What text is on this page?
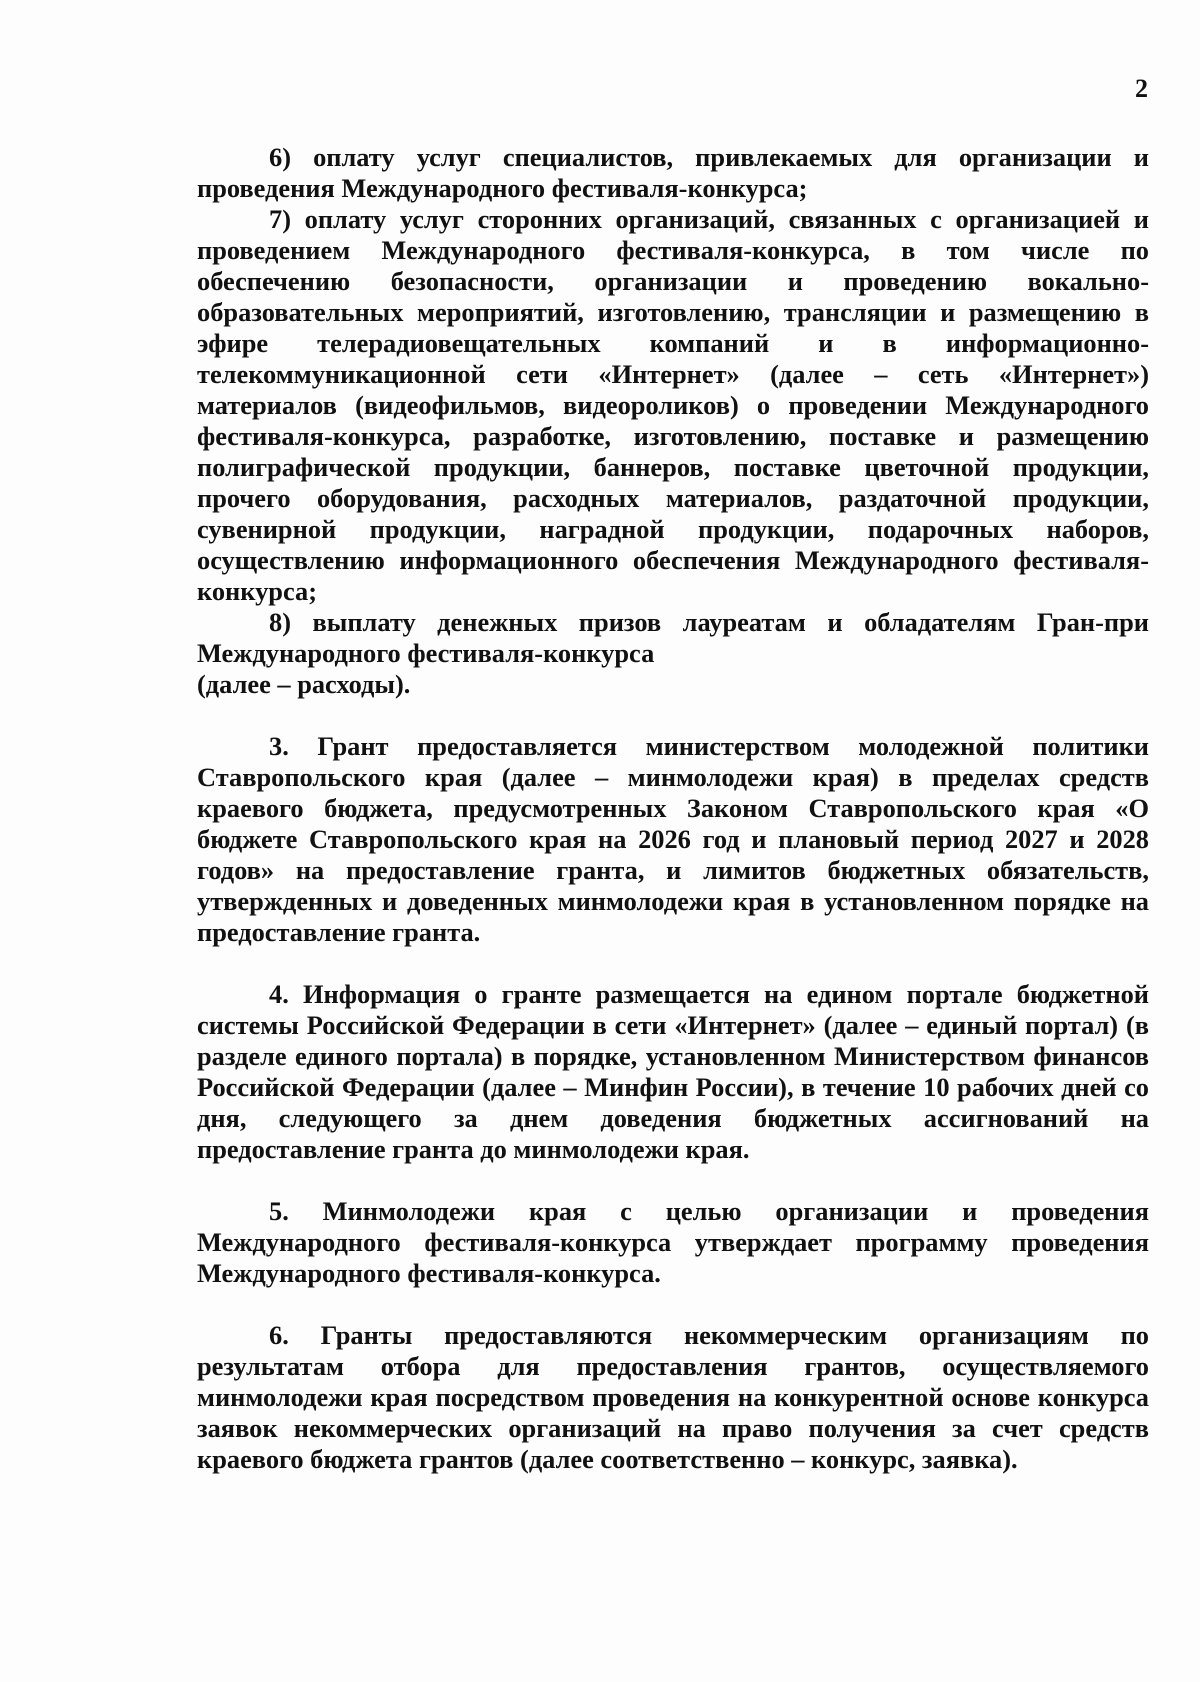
2

6) оплату услуг специалистов, привлекаемых для организации и проведения Международного фестиваля-конкурса;

7) оплату услуг сторонних организаций, связанных с организацией и проведением Международного фестиваля-конкурса, в том числе по обеспечению безопасности, организации и проведению вокально-образовательных мероприятий, изготовлению, трансляции и размещению в эфире телерадиовещательных компаний и в информационно-телекоммуникационной сети «Интернет» (далее – сеть «Интернет») материалов (видеофильмов, видеороликов) о проведении Международного фестиваля-конкурса, разработке, изготовлению, поставке и размещению полиграфической продукции, баннеров, поставке цветочной продукции, прочего оборудования, расходных материалов, раздаточной продукции, сувенирной продукции, наградной продукции, подарочных наборов, осуществлению информационного обеспечения Международного фестиваля-конкурса;

8) выплату денежных призов лауреатам и обладателям Гран-при Международного фестиваля-конкурса

(далее – расходы).

3. Грант предоставляется министерством молодежной политики Ставропольского края (далее – минмолодежи края) в пределах средств краевого бюджета, предусмотренных Законом Ставропольского края «О бюджете Ставропольского края на 2026 год и плановый период 2027 и 2028 годов» на предоставление гранта, и лимитов бюджетных обязательств, утвержденных и доведенных минмолодежи края в установленном порядке на предоставление гранта.

4. Информация о гранте размещается на едином портале бюджетной системы Российской Федерации в сети «Интернет» (далее – единый портал) (в разделе единого портала) в порядке, установленном Министерством финансов Российской Федерации (далее – Минфин России), в течение 10 рабочих дней со дня, следующего за днем доведения бюджетных ассигнований на предоставление гранта до минмолодежи края.

5. Минмолодежи края с целью организации и проведения Международного фестиваля-конкурса утверждает программу проведения Международного фестиваля-конкурса.

6. Гранты предоставляются некоммерческим организациям по результатам отбора для предоставления грантов, осуществляемого минмолодежи края посредством проведения на конкурентной основе конкурса заявок некоммерческих организаций на право получения за счет средств краевого бюджета грантов (далее соответственно – конкурс, заявка).
